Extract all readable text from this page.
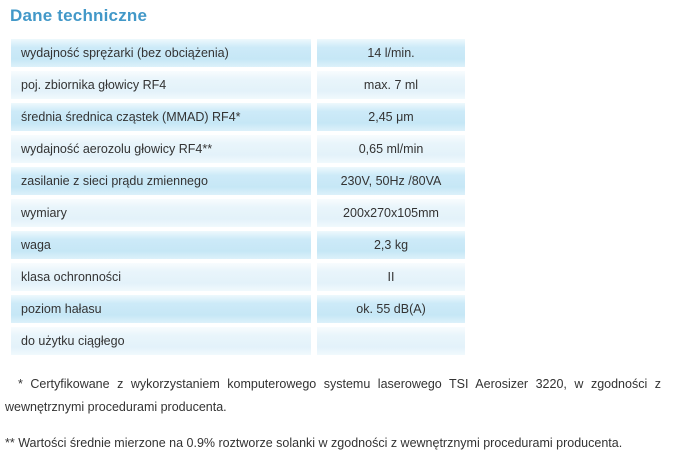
Dane techniczne
wydajność sprężarki (bez obciążenia)	14 l/min.
poj. zbiornika głowicy RF4	max. 7 ml
średnia średnica cząstek (MMAD) RF4*	2,45 μm
wydajność aerozolu głowicy RF4**	0,65 ml/min
zasilanie z sieci prądu zmiennego	230V, 50Hz /80VA
wymiary	200x270x105mm
waga	2,3 kg
klasa ochronności	II
poziom hałasu	ok. 55 dB(A)
do użytku ciągłego

* Certyfikowane z wykorzystaniem komputerowego systemu laserowego TSI Aerosizer 3220, w zgodności z wewnętrznymi procedurami producenta.

** Wartości średnie mierzone na 0.9% roztworze solanki w zgodności z wewnętrznymi procedurami producenta.
